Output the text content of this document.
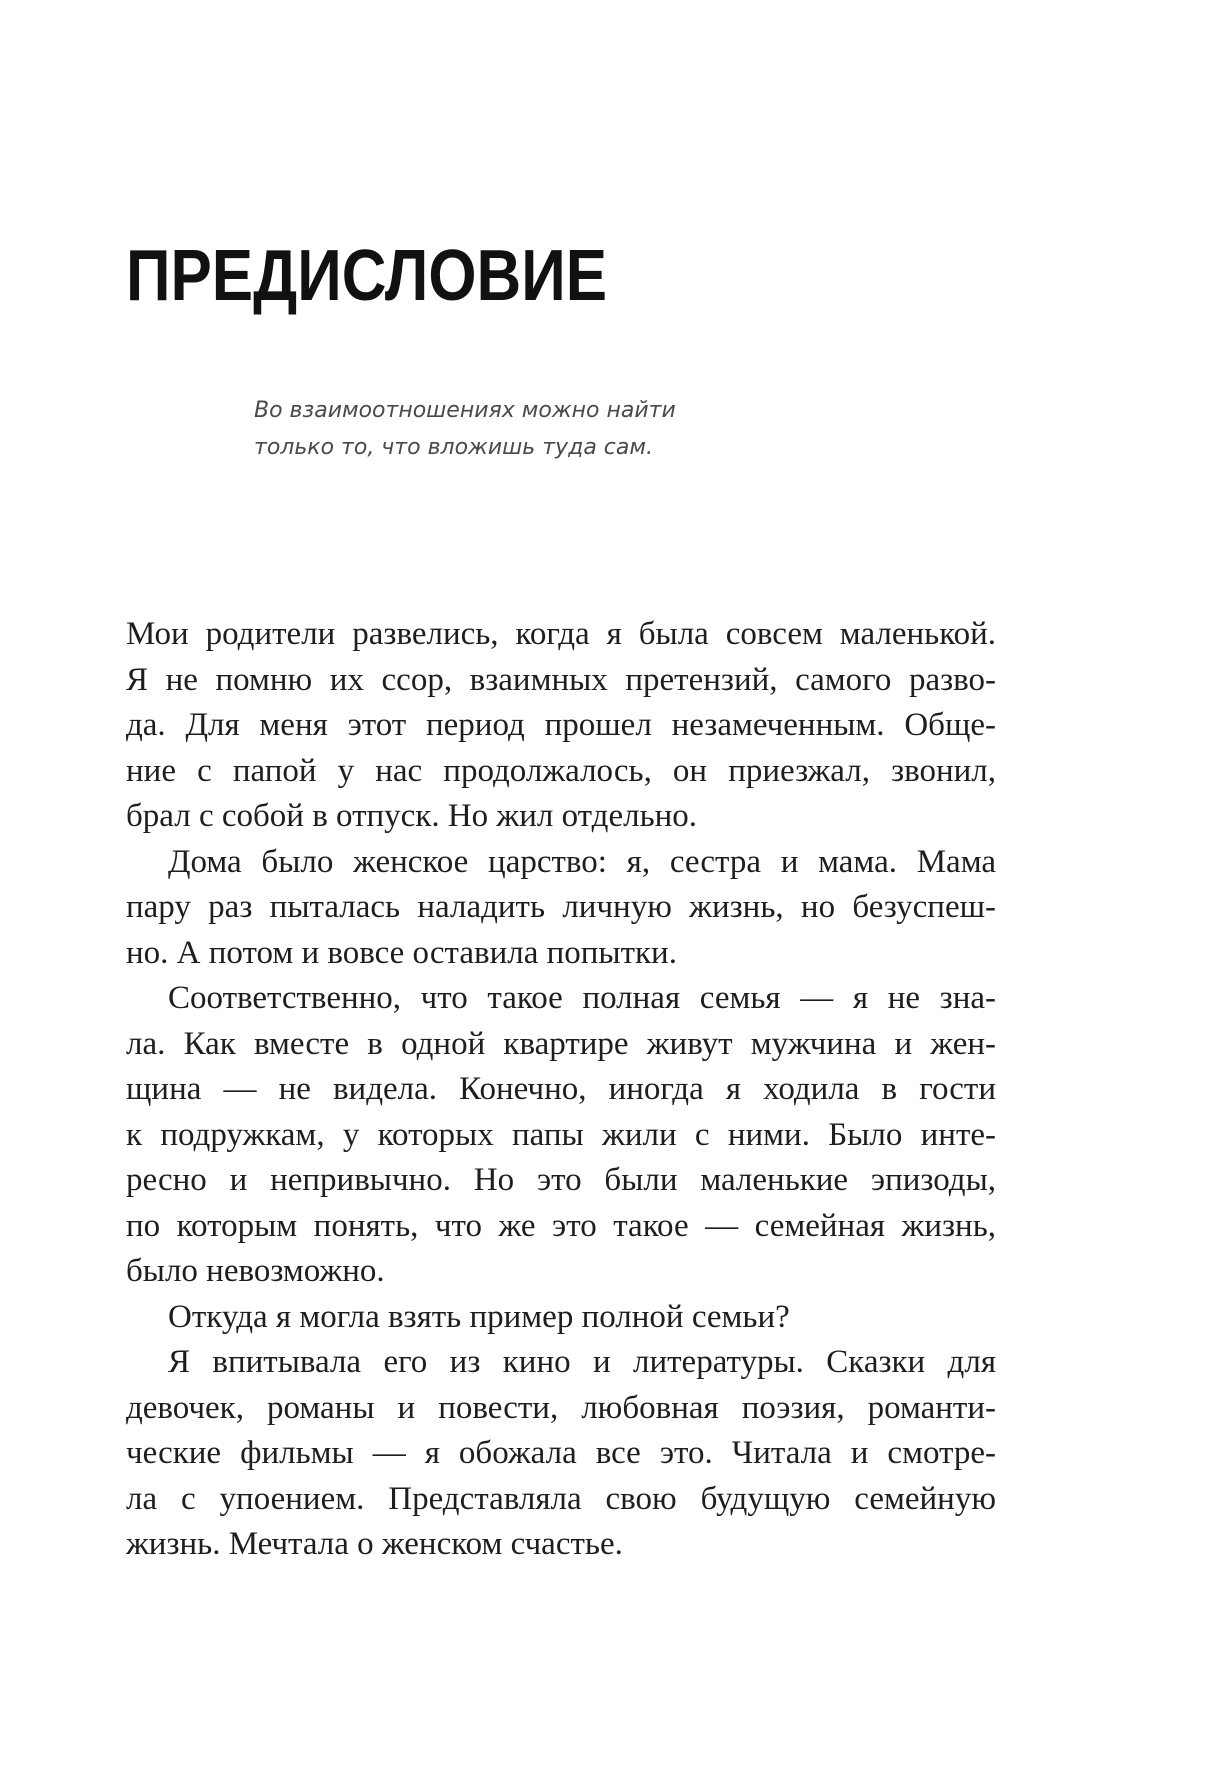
ПРЕДИСЛОВИЕ
Во взаимоотношениях можно найти
только то, что вложишь туда сам.
Мои родители развелись, когда я была совсем маленькой.
Я не помню их ссор, взаимных претензий, самого разво-
да. Для меня этот период прошел незамеченным. Обще-
ние с папой у нас продолжалось, он приезжал, звонил,
брал с собой в отпуск. Но жил отдельно.
Дома было женское царство: я, сестра и мама. Мама
пару раз пыталась наладить личную жизнь, но безуспеш-
но. А потом и вовсе оставила попытки.
Соответственно, что такое полная семья — я не зна-
ла. Как вместе в одной квартире живут мужчина и жен-
щина — не видела. Конечно, иногда я ходила в гости
к подружкам, у которых папы жили с ними. Было инте-
ресно и непривычно. Но это были маленькие эпизоды,
по которым понять, что же это такое — семейная жизнь,
было невозможно.
Откуда я могла взять пример полной семьи?
Я впитывала его из кино и литературы. Сказки для
девочек, романы и повести, любовная поэзия, романти-
ческие фильмы — я обожала все это. Читала и смотре-
ла с упоением. Представляла свою будущую семейную
жизнь. Мечтала о женском счастье.
